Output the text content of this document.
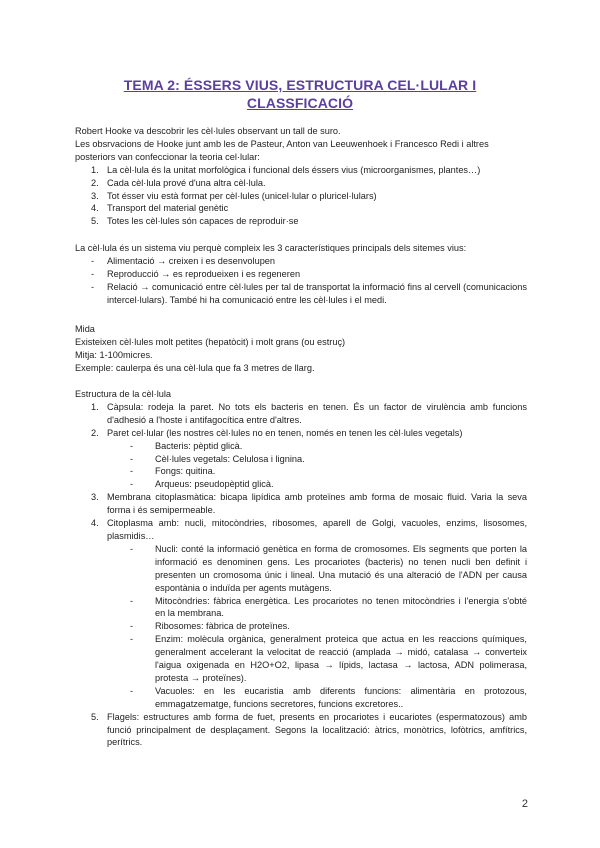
TEMA 2: ÉSSERS VIUS, ESTRUCTURA CEL·LULAR I
CLASSFICACIÓ

Robert Hooke va descobrir les cèl·lules observant un tall de suro.

Les obsrvacions de Hooke junt amb les de Pasteur, Anton van Leeuwenhoek i Francesco Redi i altres posteriors van confeccionar la teoria cel·lular:

1. La cèl·lula és la unitat morfològica i funcional dels éssers vius (microorganismes, plantes…)
2. Cada cèl·lula prové d'una altra cèl·lula.
3. Tot ésser viu està format per cèl·lules (unicel·lular o pluricel·lulars)
4. Transport del material genètic
5. Totes les cèl·lules són capaces de reproduir·se

La cèl·lula és un sistema viu perquè compleix les 3 característiques principals dels sitemes vius:

- Alimentació → creixen i es desenvolupen
- Reproducció → es reprodueixen i es regeneren
- Relació → comunicació entre cèl·lules per tal de transportat la informació fins al cervell (comunicacions intercel·lulars). També hi ha comunicació entre les cèl·lules i el medi.

Mida

Existeixen cèl·lules molt petites (hepatòcit) i molt grans (ou estruç)

Mitja: 1-100micres.

Exemple: caulerpa és una cèl·lula que fa 3 metres de llarg.

Estructura de la cèl·lula

1. Càpsula: rodeja la paret. No tots els bacteris en tenen. És un factor de virulència amb funcions d'adhesió a l'hoste i antifagocítica entre d'altres.
2. Paret cel·lular (les nostres cèl·lules no en tenen, només en tenen les cèl·lules vegetals)
- Bacteris: pèptid glicà.
- Cèl·lules vegetals: Celulosa i lignina.
- Fongs: quitina.
- Arqueus: pseudopèptid glicà.
3. Membrana citoplasmàtica: bicapa lipídica amb proteïnes amb forma de mosaic fluid. Varia la seva forma i és semipermeable.
4. Citoplasma amb: nucli, mitocòndries, ribosomes, aparell de Golgi, vacuoles, enzims, lisosomes, plasmidis…
- Nucli: conté la informació genètica en forma de cromosomes. Els segments que porten la informació es denominen gens. Les procariotes (bacteris) no tenen nucli ben definit i presenten un cromosoma únic i lineal. Una mutació és una alteració de l'ADN per causa espontània o induïda per agents mutàgens.
- Mitocòndries: fàbrica energètica. Les procariotes no tenen mitocòndries i l'energia s'obté en la membrana.
- Ribosomes: fàbrica de proteïnes.
- Enzim: molècula orgànica, generalment proteica que actua en les reaccions químiques, generalment accelerant la velocitat de reacció (amplada → midó, catalasa → converteix l'aigua oxigenada en H2O+O2, lipasa → lípids, lactasa → lactosa, ADN polimerasa, protesta → proteïnes).
- Vacuoles: en les eucaristia amb diferents funcions: alimentària en protozous, emmagatzematge, funcions secretores, funcions excretores..
5. Flagels: estructures amb forma de fuet, presents en procariotes i eucariotes (espermatozous) amb funció principalment de desplaçament. Segons la localització: àtrics, monòtrics, lofòtrics, amfítrics, perítrics.
2
